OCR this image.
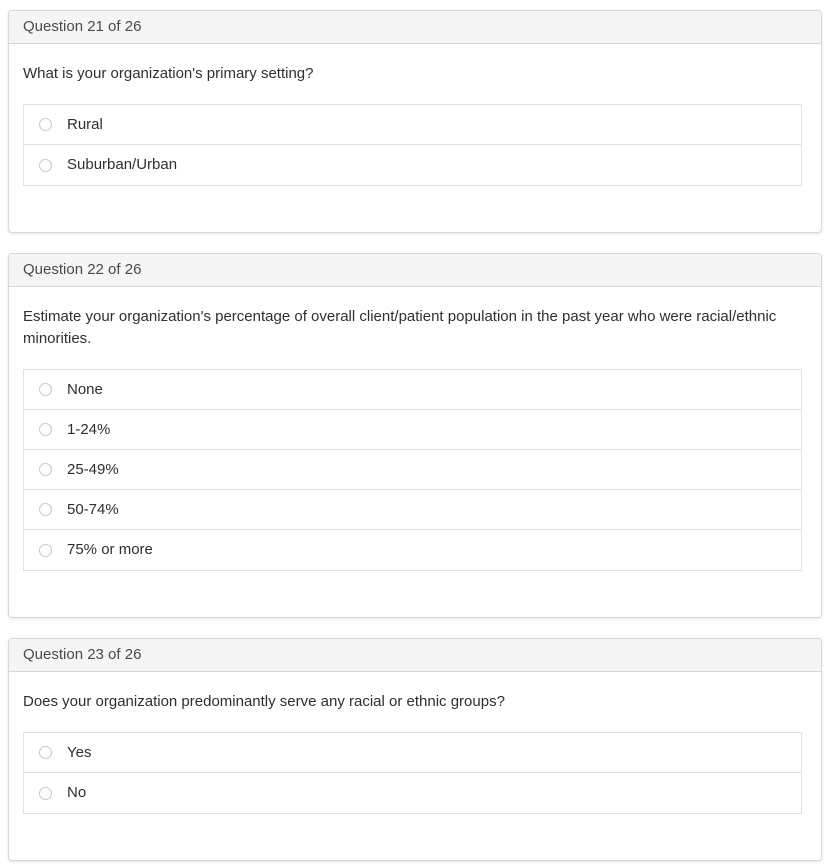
Question 21 of 26
What is your organization's primary setting?
Rural
Suburban/Urban
Question 22 of 26
Estimate your organization's percentage of overall client/patient population in the past year who were racial/ethnic minorities.
None
1-24%
25-49%
50-74%
75% or more
Question 23 of 26
Does your organization predominantly serve any racial or ethnic groups?
Yes
No
